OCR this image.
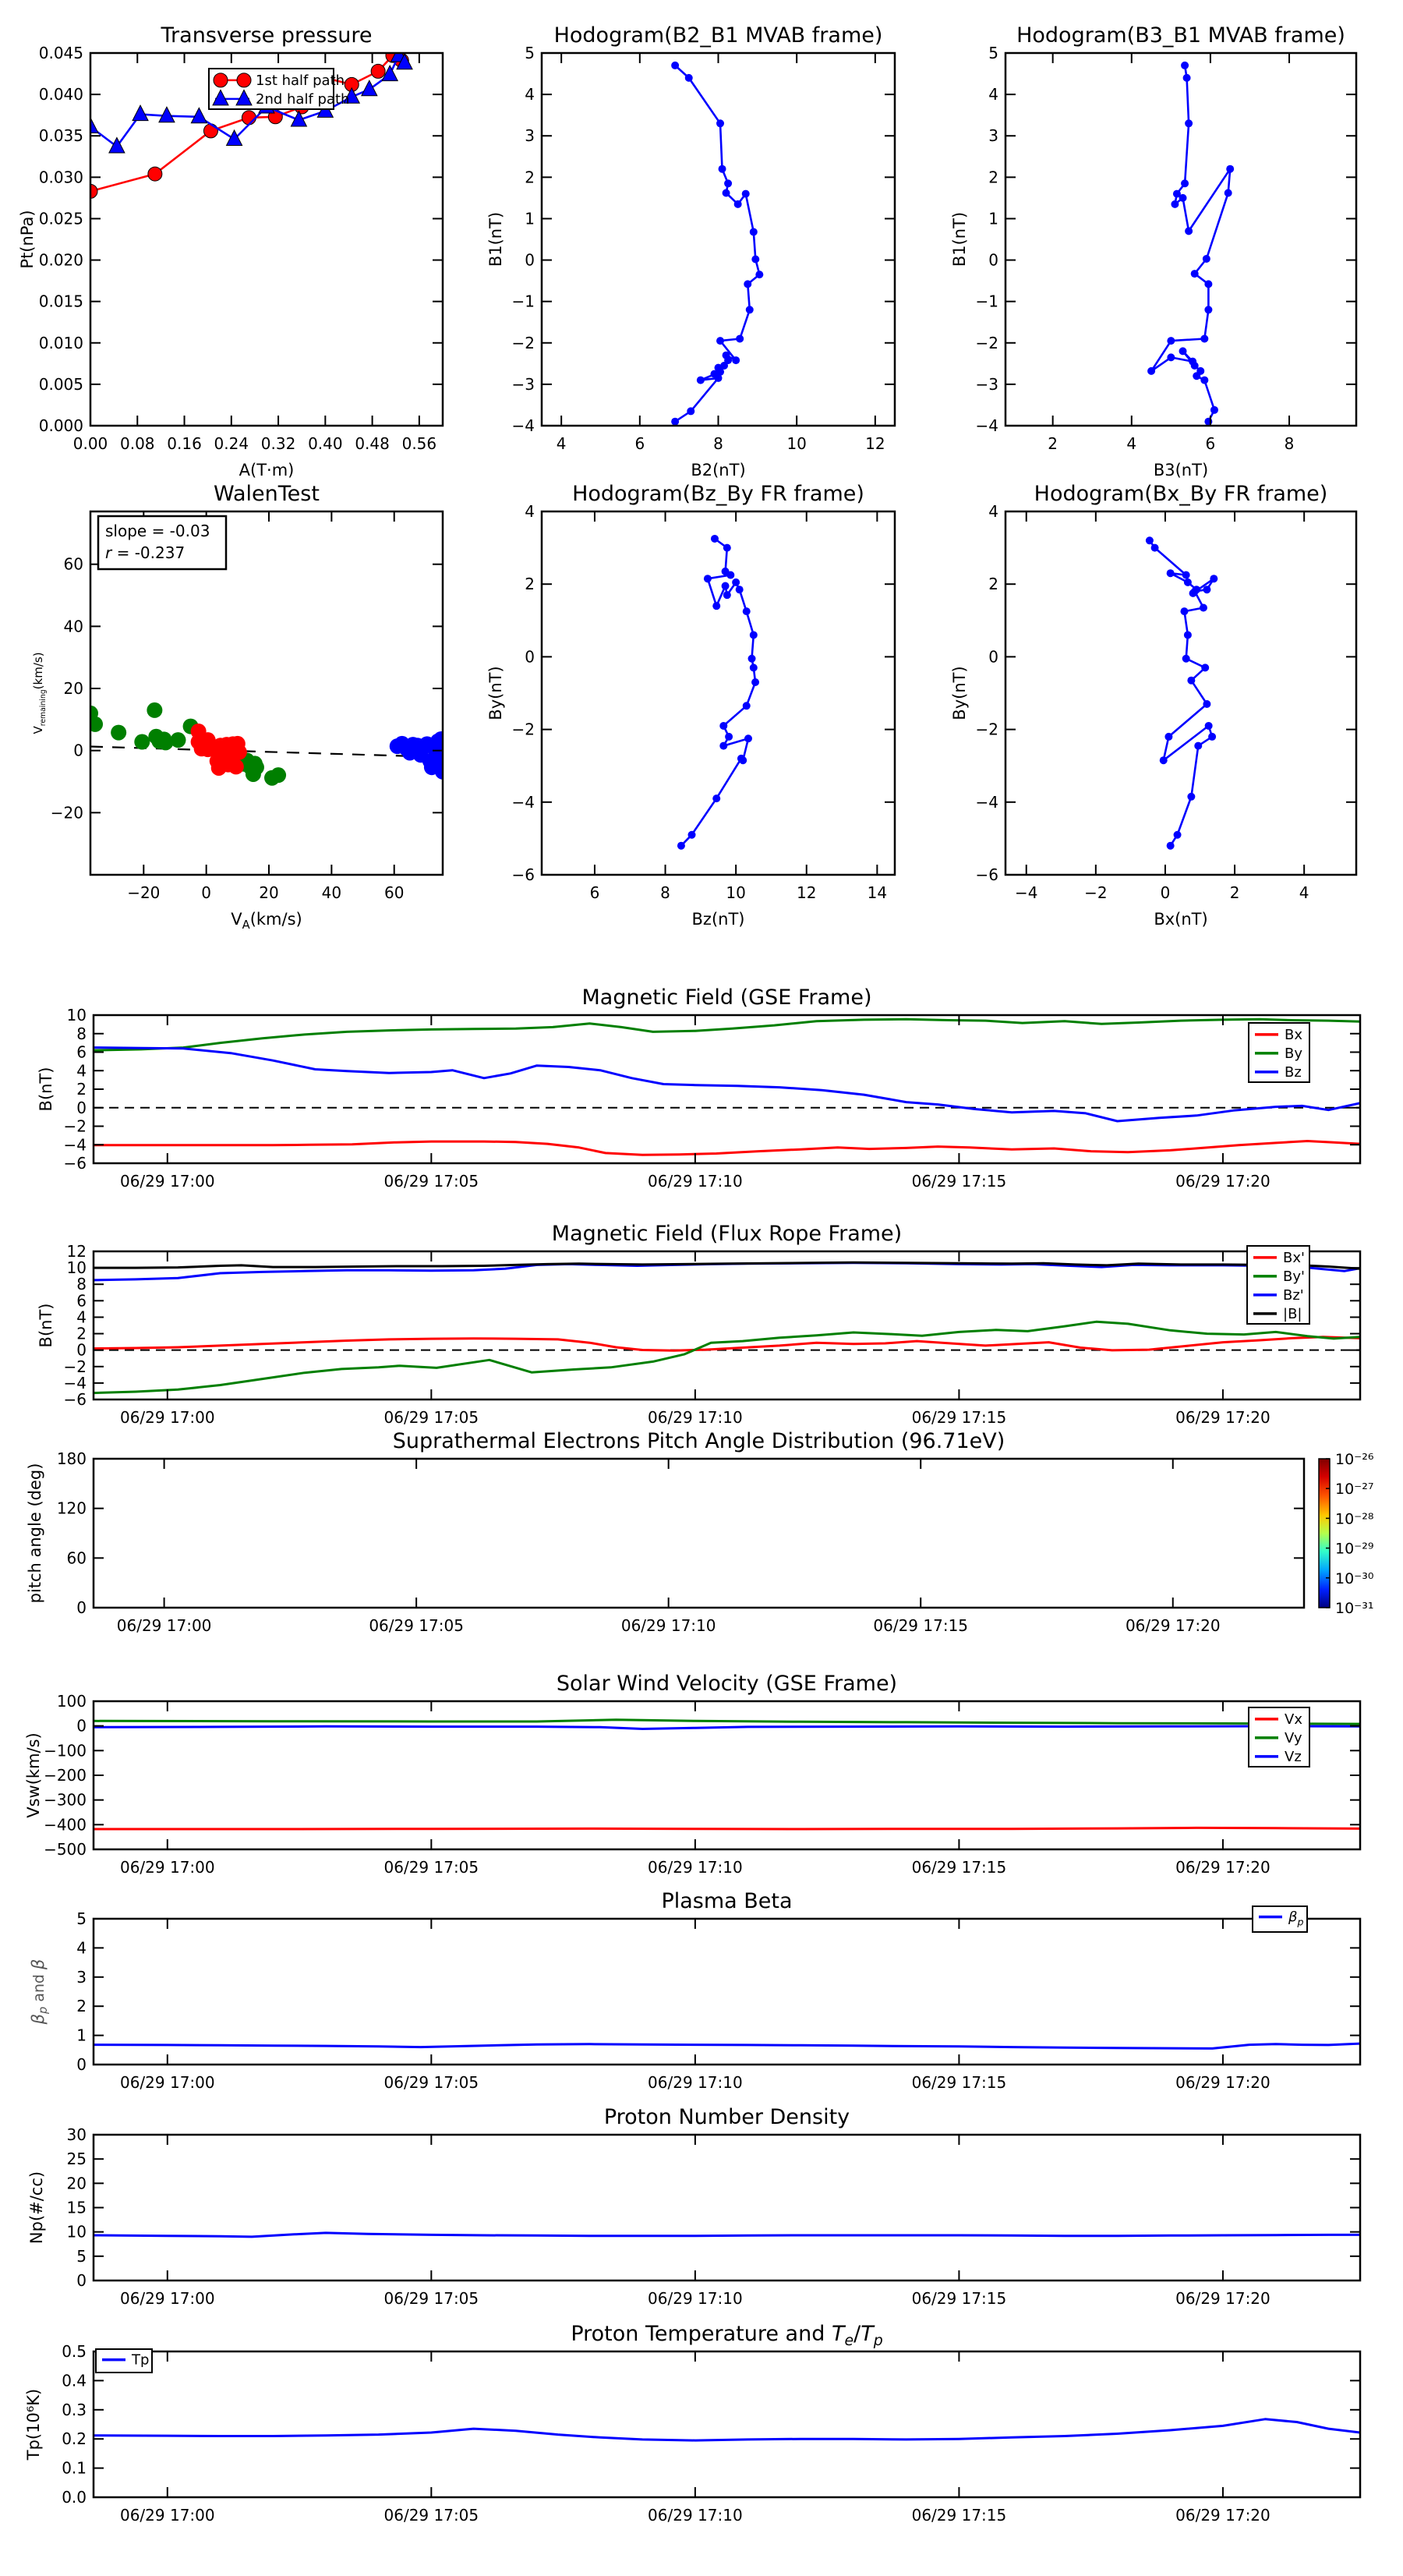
0.00 0.08 0.16 0.24 0.32 0.40 0.48 0.56
0.000
0.005
0.010
0.015
0.020
0.025
0.030
0.035
0.040
0.045
Transverse pressure
A(T·m)
Pt(nPa)
1st half path
2nd half path
4	6	8	10	12
−4
−3
−2
−1
0
1
2
3
4
5
Hodogram(B2_B1 MVAB frame)
B2(nT)
B1(nT)
2	4	6	8
−4
−3
−2
−1
0
1
2
3
4
5
Hodogram(B3_B1 MVAB frame)
B3(nT)
B1(nT)
−20	0	20	40	60
−20
0
20
40
60
WalenTest
$V_A(km/s)$
$V_{remaining}(km/s)$
slope = -0.03
r = -0.237
6	8	10	12	14
−6
−4
−2
0
2
4
Hodogram(Bz_By FR frame)
Bz(nT)
By(nT)
−4	−2	0	2	4
−6
−4
−2
0
2
4
Hodogram(Bx_By FR frame)
Bx(nT)
By(nT)
06/29 17:00	06/29 17:05	06/29 17:10	06/29 17:15	06/29 17:20
−6
−4
−2
0
2
4
6
8
10
Magnetic Field (GSE Frame)
B(nT)
Bx
By
Bz
06/29 17:00	06/29 17:05	06/29 17:10	06/29 17:15	06/29 17:20
−6
−4
−2
0
2
4
6
8
10
12
Magnetic Field (Flux Rope Frame)
B(nT)
Bx'
By'
Bz'
|B|
06/29 17:00	06/29 17:05	06/29 17:10	06/29 17:15	06/29 17:20
0
60
120
180
Suprathermal Electrons Pitch Angle Distribution (96.71eV)
pitch angle (deg)
10⁻²⁶
10⁻²⁷
10⁻²⁸
10⁻²⁹
10⁻³⁰
10⁻³¹
06/29 17:00	06/29 17:05	06/29 17:10	06/29 17:15	06/29 17:20
−500
−400
−300
−200
−100
0
100
Solar Wind Velocity (GSE Frame)
Vsw(km/s)
Vx
Vy
Vz
06/29 17:00	06/29 17:05	06/29 17:10	06/29 17:15	06/29 17:20
0
1
2
3
4
5
Plasma Beta
βp and β
$\beta_p$
06/29 17:00	06/29 17:05	06/29 17:10	06/29 17:15	06/29 17:20
0
5
10
15
20
25
30
Proton Number Density
Np(#/cc)
06/29 17:00	06/29 17:05	06/29 17:10	06/29 17:15	06/29 17:20
0.0
0.1
0.2
0.3
0.4
0.5
Proton Temperature and $T_e/T_p$
Tp(10⁶K)
Tp
